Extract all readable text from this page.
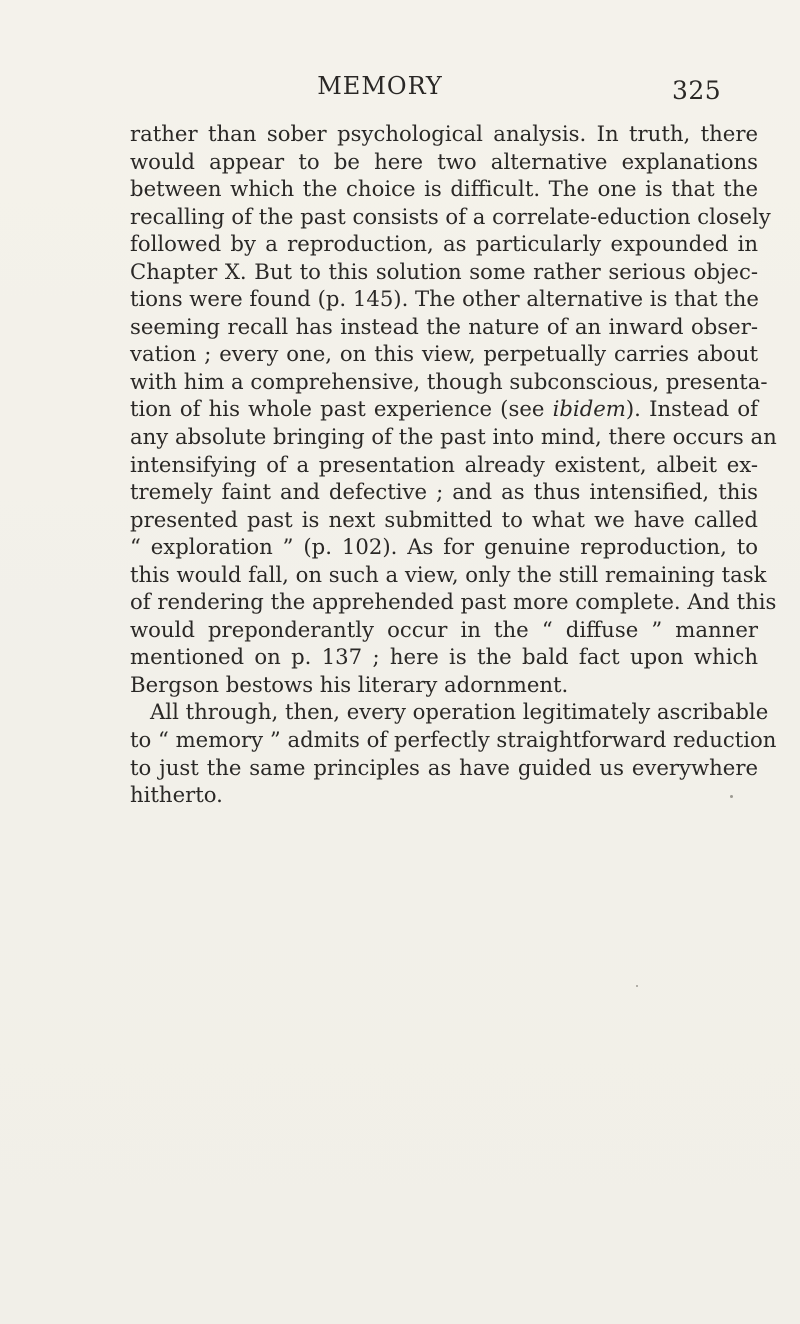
MEMORY	325
rather than sober psychological analysis. In truth, there
would appear to be here two alternative explanations
between which the choice is difficult. The one is that the
recalling of the past consists of a correlate-eduction closely
followed by a reproduction, as particularly expounded in
Chapter X. But to this solution some rather serious objec-
tions were found (p. 145). The other alternative is that the
seeming recall has instead the nature of an inward obser-
vation ; every one, on this view, perpetually carries about
with him a comprehensive, though subconscious, presenta-
tion of his whole past experience (see ibidem). Instead of
any absolute bringing of the past into mind, there occurs an
intensifying of a presentation already existent, albeit ex-
tremely faint and defective ; and as thus intensified, this
presented past is next submitted to what we have called
“ exploration ” (p. 102). As for genuine reproduction, to
this would fall, on such a view, only the still remaining task
of rendering the apprehended past more complete. And this
would preponderantly occur in the “ diffuse ” manner
mentioned on p. 137 ; here is the bald fact upon which
Bergson bestows his literary adornment.
All through, then, every operation legitimately ascribable
to “ memory ” admits of perfectly straightforward reduction
to just the same principles as have guided us everywhere
hitherto.
